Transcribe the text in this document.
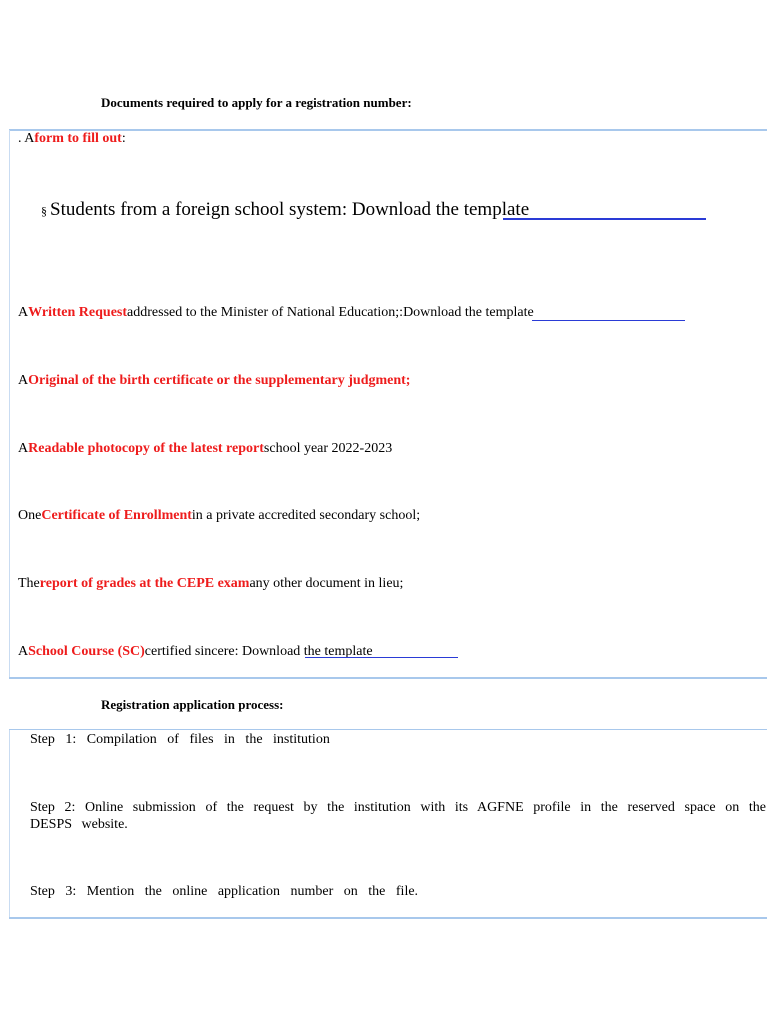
Documents required to apply for a registration number:
. Aform to fill out:
§ Students from a foreign school system: Download the template
AWritten Requestaddressed to the Minister of National Education;:Download the template
AOriginal of the birth certificate or the supplementary judgment;
AReadable photocopy of the latest reportschool year 2022-2023
OneCertificate of Enrollmentin a private accredited secondary school;
Thereport of grades at the CEPE examany other document in lieu;
ASchool Course (SC)certified sincere: Download the template
Registration application process:
Step 1: Compilation of files in the institution
Step 2: Online submission of the request by the institution with its AGFNE profile in the reserved space on the DESPS website.
Step 3: Mention the online application number on the file.
